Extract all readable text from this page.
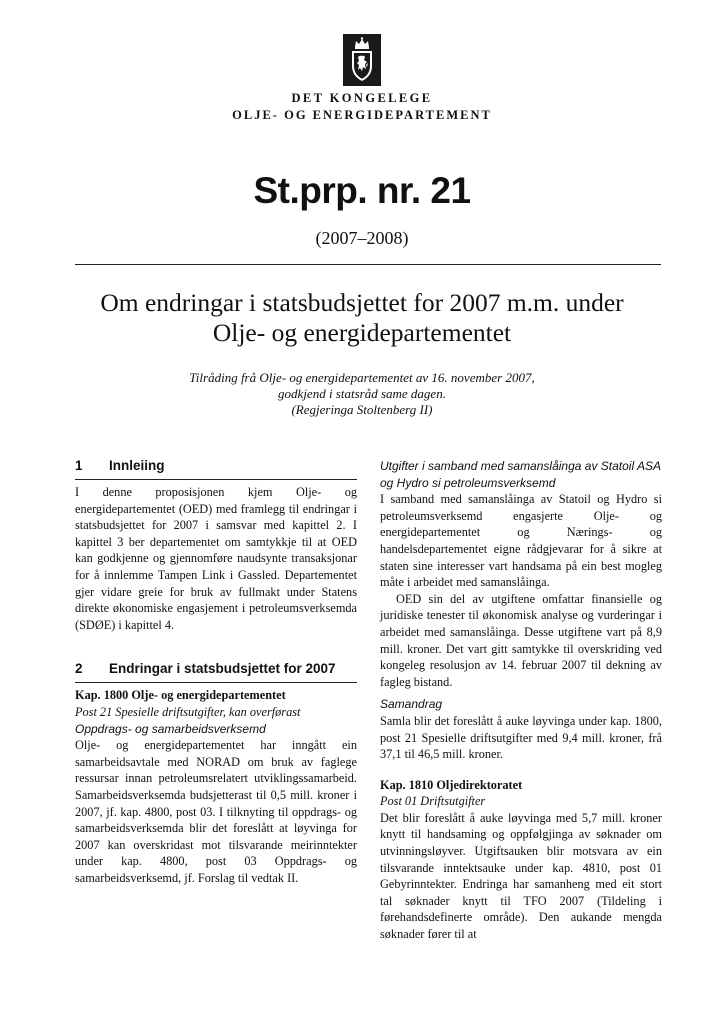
DET KONGELEGE
OLJE- OG ENERGIDEPARTEMENT
St.prp. nr. 21
(2007–2008)
Om endringar i statsbudsjettet for 2007 m.m. under
Olje- og energidepartementet
Tilråding frå Olje- og energidepartementet av 16. november 2007,
godkjend i statsråd same dagen.
(Regjeringa Stoltenberg II)
1	Innleiing

I denne proposisjonen kjem Olje- og energidepartementet (OED) med framlegg til endringar i statsbudsjettet for 2007 i samsvar med kapittel 2. I kapittel 3 ber departementet om samtykkje til at OED kan godkjenne og gjennomføre naudsynte transaksjonar for å innlemme Tampen Link i Gassled. Departementet gjer vidare greie for bruk av fullmakt under Statens direkte økonomiske engasjement i petroleumsverksemda (SDØE) i kapittel 4.

2	Endringar i statsbudsjettet for 2007
Kap. 1800 Olje- og energidepartementet
Post 21 Spesielle driftsutgifter, kan overførast
Oppdrags- og samarbeidsverksemd

Olje- og energidepartementet har inngått ein samarbeidsavtale med NORAD om bruk av faglege ressursar innan petroleumsrelatert utviklingssamarbeid. Samarbeidsverksemda budsjetterast til 0,5 mill. kroner i 2007, jf. kap. 4800, post 03. I tilknyting til oppdrags- og samarbeidsverksemda blir det foreslått at løyvinga for 2007 kan overskridast mot tilsvarande meirinntekter under kap. 4800, post 03 Oppdrags- og samarbeidsverksemd, jf. Forslag til vedtak II.

Utgifter i samband med samanslåinga av Statoil ASA og Hydro si petroleumsverksemd

I samband med samanslåinga av Statoil og Hydro si petroleumsverksemd engasjerte Olje- og energidepartementet og Nærings- og handelsdepartementet eigne rådgjevarar for å sikre at staten sine interesser vart handsama på ein best mogleg måte i arbeidet med samanslåinga.

OED sin del av utgiftene omfattar finansielle og juridiske tenester til økonomisk analyse og vurderingar i arbeidet med samanslåinga. Desse utgiftene vart på 8,9 mill. kroner. Det vart gitt samtykke til overskriding ved kongeleg resolusjon av 14. februar 2007 til dekning av fagleg bistand.

Samandrag

Samla blir det foreslått å auke løyvinga under kap. 1800, post 21 Spesielle driftsutgifter med 9,4 mill. kroner, frå 37,1 til 46,5 mill. kroner.

Kap. 1810 Oljedirektoratet
Post 01 Driftsutgifter

Det blir foreslått å auke løyvinga med 5,7 mill. kroner knytt til handsaming og oppfølgjinga av søknader om utvinningsløyver. Utgiftsauken blir motsvara av ein tilsvarande inntektsauke under kap. 4810, post 01 Gebyrinntekter. Endringa har samanheng med eit stort tal søknader knytt til TFO 2007 (Tildeling i førehandsdefinerte område). Den aukande mengda søknader fører til at
